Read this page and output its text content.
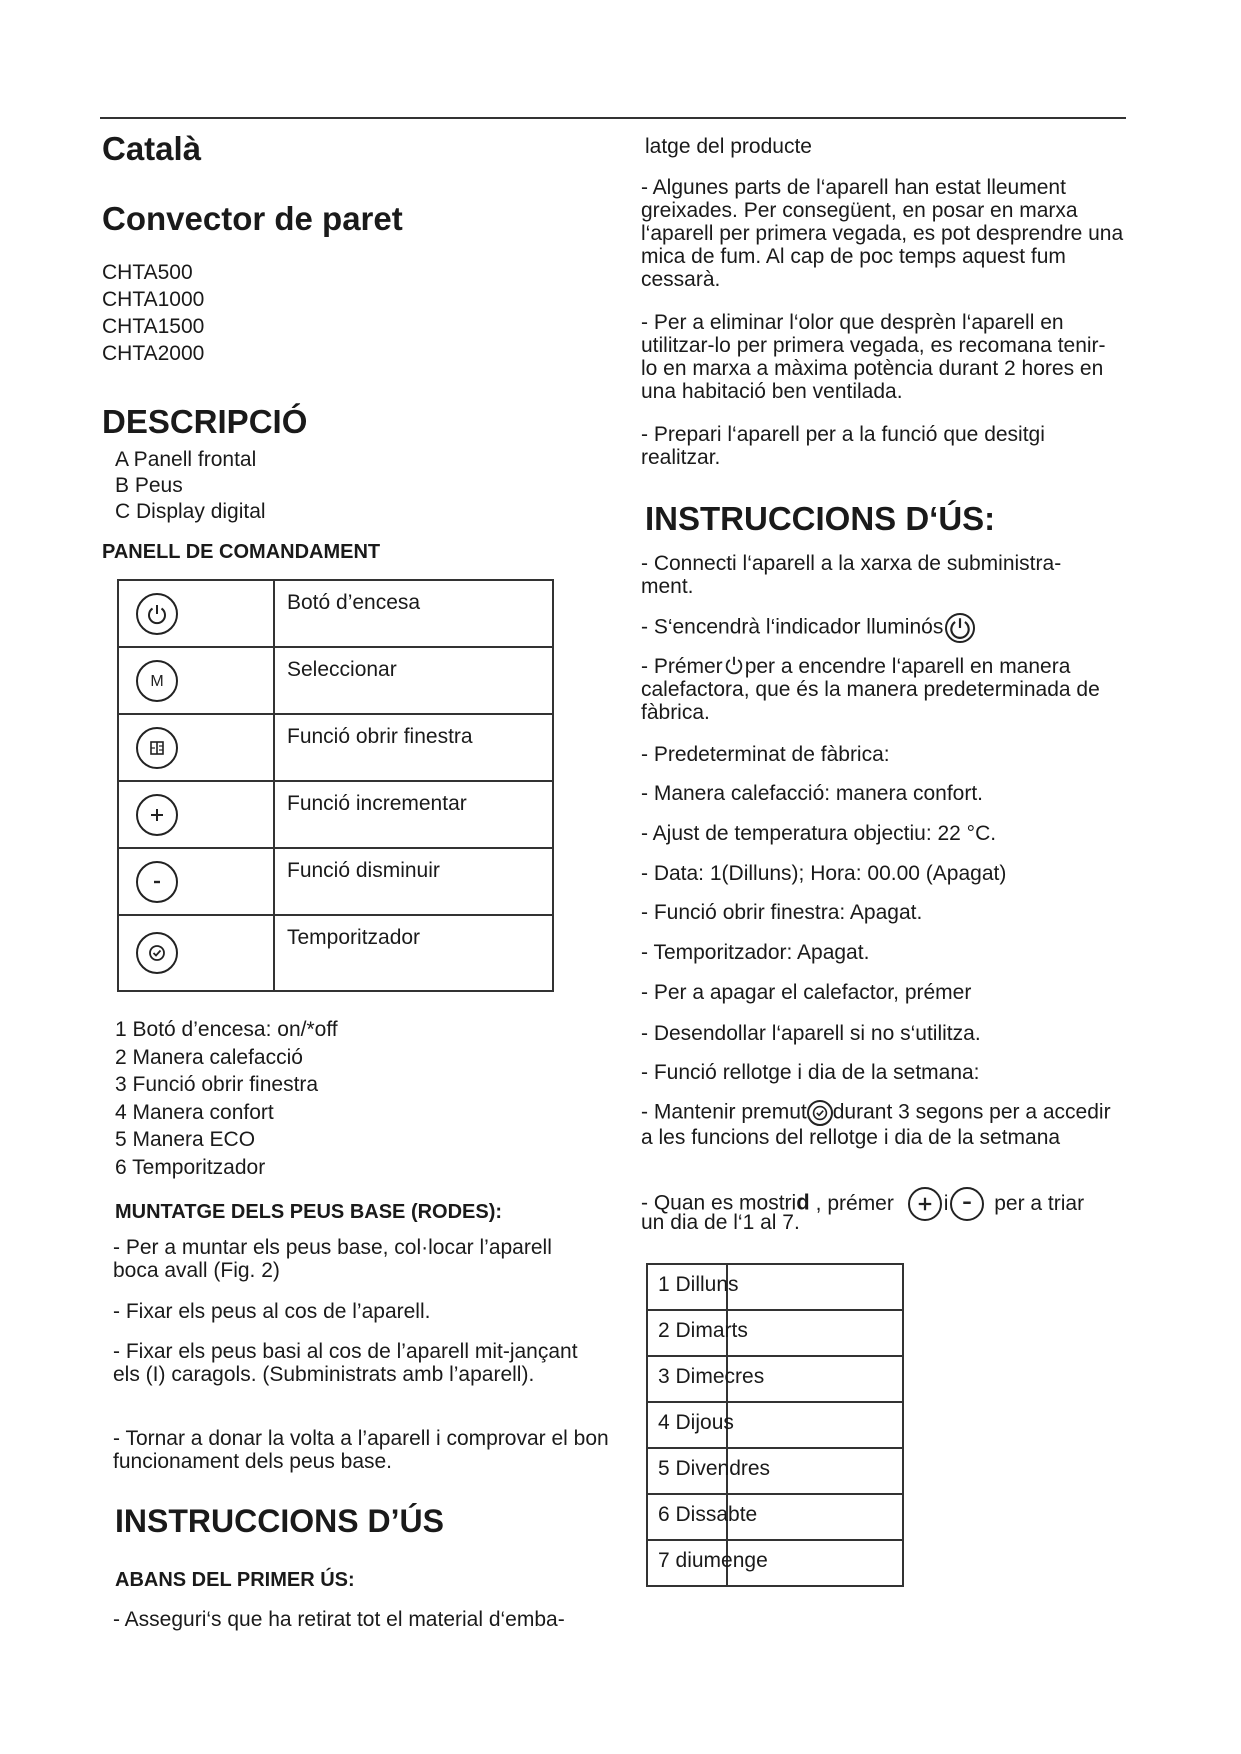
Català
Convector de paret
CHTA500
CHTA1000
CHTA1500
CHTA2000
DESCRIPCIÓ
A Panell frontal
B Peus
C Display digital
PANELL DE COMANDAMENT
	Botó d’encesa

M	Seleccionar

	Funció obrir finestra

	Funció incrementar

	Funció disminuir

	Temporitzador
1 Botó d’encesa: on/*off
2 Manera calefacció
3 Funció obrir finestra
4 Manera confort
5 Manera ECO
6 Temporitzador
MUNTATGE DELS PEUS BASE (RODES):
- Per a muntar els peus base, col·locar l’aparell boca avall (Fig. 2)
- Fixar els peus al cos de l’aparell.
- Fixar els peus basi al cos de l’aparell mit-jançant els (I) caragols. (Subministrats amb l’aparell).
- Tornar a donar la volta a l’aparell i comprovar el bon funcionament dels peus base.
INSTRUCCIONS D’ÚS
ABANS DEL PRIMER ÚS:
- Asseguri‘s que ha retirat tot el material d‘emba-
latge del producte
- Algunes parts de l‘aparell han estat lleument greixades. Per consegüent, en posar en marxa l‘aparell per primera vegada, es pot desprendre una mica de fum. Al cap de poc temps aquest fum cessarà.
- Per a eliminar l‘olor que desprèn l‘aparell en utilitzar-lo per primera vegada, es recomana tenir-lo en marxa a màxima potència durant 2 hores en una habitació ben ventilada.
- Prepari l‘aparell per a la funció que desitgi realitzar.
INSTRUCCIONS D‘ÚS:
- Connecti l‘aparell a la xarxa de subministra-ment.
- S‘encendrà l‘indicador lluminós
- Prémer per a encendre l‘aparell en manera calefactora, que és la manera predeterminada de fàbrica.
- Predeterminat de fàbrica:
- Manera calefacció: manera confort.
- Ajust de temperatura objectiu: 22 °C.
- Data: 1(Dilluns); Hora: 00.00 (Apagat)
- Funció obrir finestra: Apagat.
- Temporitzador: Apagat.
- Per a apagar el calefactor, prémer
- Desendollar l‘aparell si no s‘utilitza.
- Funció rellotge i dia de la setmana:
- Mantenir premut durant 3 segons per a accedir a les funcions del rellotge i dia de la setmana
- Quan es mostrid , prémer i per a triar
un dia de l‘1 al 7.
1 Dilluns	

2 Dimarts	

3 Dimecres	

4 Dijous	

5 Divendres	

6 Dissabte	

7 diumenge	
